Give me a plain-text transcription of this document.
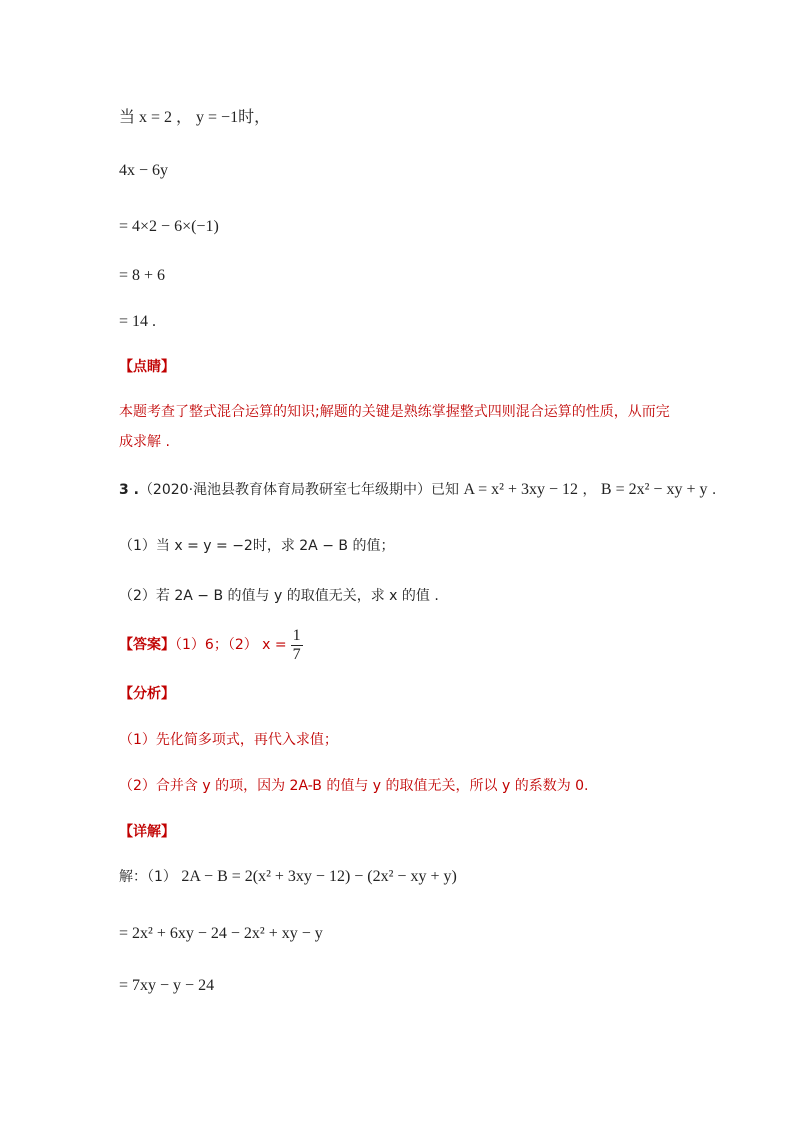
当 x = 2 ， y = −1时，
4x − 6y
= 4×2 − 6×(−1)
= 8 + 6
= 14 .
【点睛】
本题考查了整式混合运算的知识;解题的关键是熟练掌握整式四则混合运算的性质，从而完
成求解 .
3 .（2020·渑池县教育体育局教研室七年级期中）已知 A = x² + 3xy − 12 ， B = 2x² − xy + y .
（1）当 x = y = −2时，求 2A − B 的值；
（2）若 2A − B 的值与 y 的取值无关，求 x 的值 .
【答案】（1）6；（2） $x = \frac{1}{7}$
【分析】
（1）先化简多项式，再代入求值；
（2）合并含 y 的项，因为 2A-B 的值与 y 的取值无关，所以 y 的系数为 0.
【详解】
解：（1） 2A − B = 2(x² + 3xy − 12) − (2x² − xy + y)
= 2x² + 6xy − 24 − 2x² + xy − y
= 7xy − y − 24
